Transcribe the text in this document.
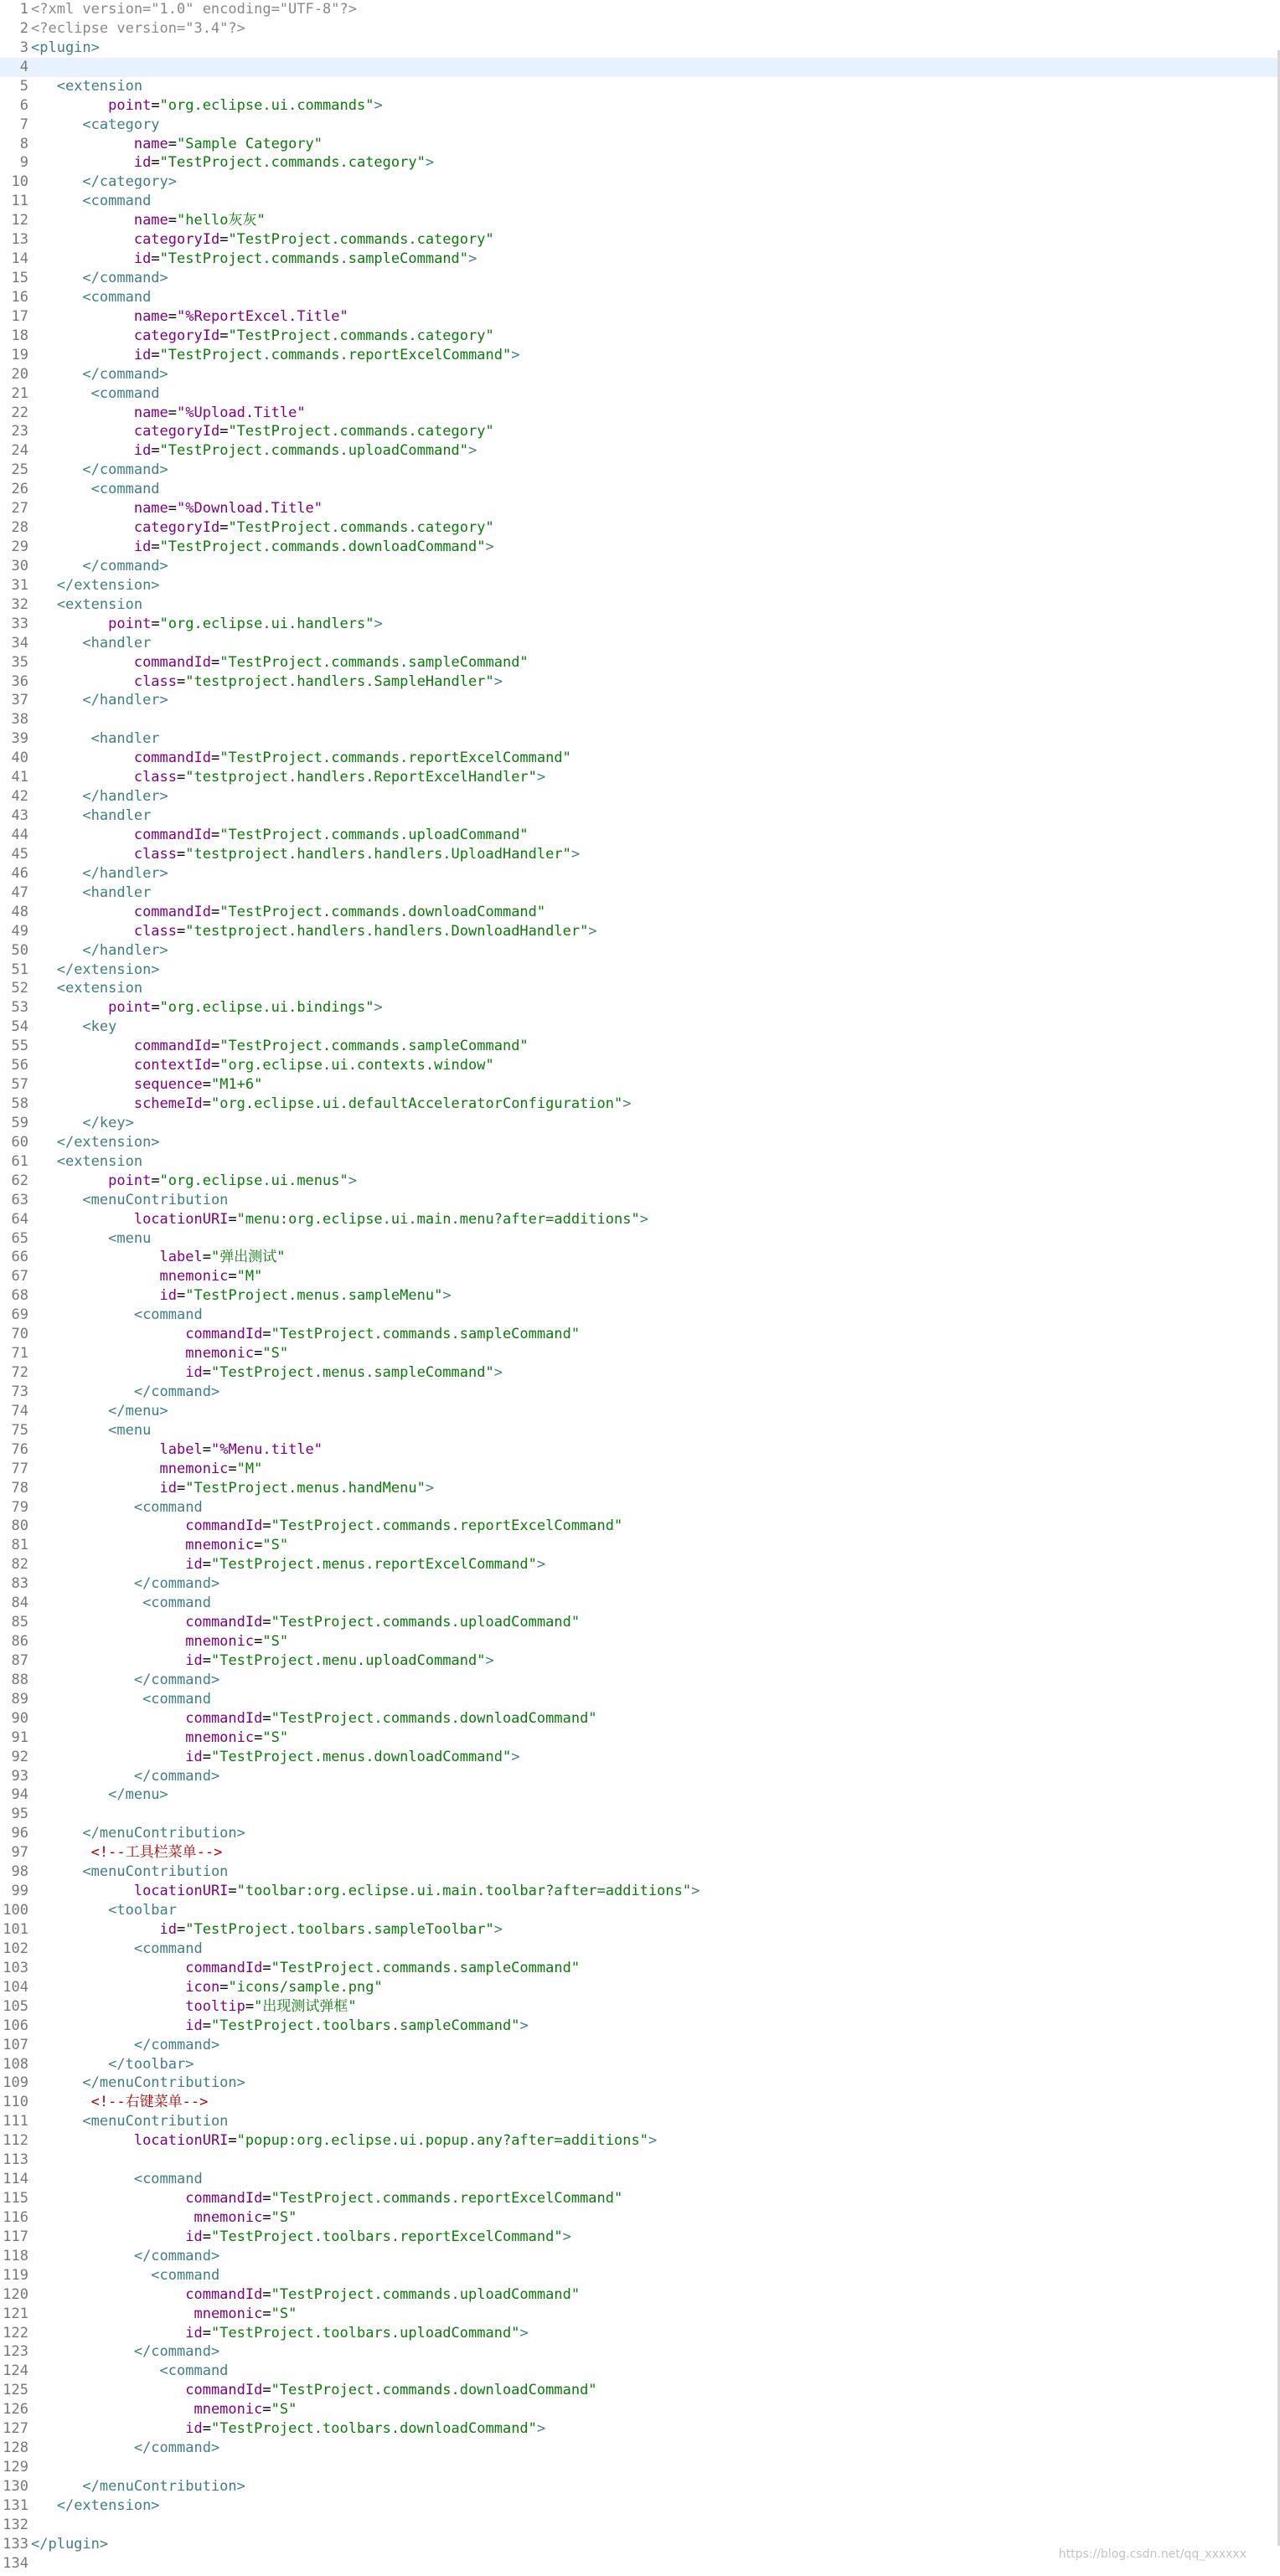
1 <?xml version="1.0" encoding="UTF-8"?>
2 <?eclipse version="3.4"?>
3 <plugin>
4
5	<extension
6	point="org.eclipse.ui.commands">
7	<category
8	name="Sample Category"
9	id="TestProject.commands.category">
10	</category>
11	<command
12	name="hello灰灰"
13	categoryId="TestProject.commands.category"
14	id="TestProject.commands.sampleCommand">
15	</command>
16	<command
17	name="%ReportExcel.Title"
18	categoryId="TestProject.commands.category"
19	id="TestProject.commands.reportExcelCommand">
20	</command>
21	<command
22	name="%Upload.Title"
23	categoryId="TestProject.commands.category"
24	id="TestProject.commands.uploadCommand">
25	</command>
26	<command
27	name="%Download.Title"
28	categoryId="TestProject.commands.category"
29	id="TestProject.commands.downloadCommand">
30	</command>
31	</extension>
32	<extension
33	point="org.eclipse.ui.handlers">
34	<handler
35	commandId="TestProject.commands.sampleCommand"
36	class="testproject.handlers.SampleHandler">
37	</handler>
38
39	<handler
40	commandId="TestProject.commands.reportExcelCommand"
41	class="testproject.handlers.ReportExcelHandler">
42	</handler>
43	<handler
44	commandId="TestProject.commands.uploadCommand"
45	class="testproject.handlers.handlers.UploadHandler">
46	</handler>
47	<handler
48	commandId="TestProject.commands.downloadCommand"
49	class="testproject.handlers.handlers.DownloadHandler">
50	</handler>
51	</extension>
52	<extension
53	point="org.eclipse.ui.bindings">
54	<key
55	commandId="TestProject.commands.sampleCommand"
56	contextId="org.eclipse.ui.contexts.window"
57	sequence="M1+6"
58	schemeId="org.eclipse.ui.defaultAcceleratorConfiguration">
59	</key>
60	</extension>
61	<extension
62	point="org.eclipse.ui.menus">
63	<menuContribution
64	locationURI="menu:org.eclipse.ui.main.menu?after=additions">
65	<menu
66	label="弹出测试"
67	mnemonic="M"
68	id="TestProject.menus.sampleMenu">
69	<command
70	commandId="TestProject.commands.sampleCommand"
71	mnemonic="S"
72	id="TestProject.menus.sampleCommand">
73	</command>
74	</menu>
75	<menu
76	label="%Menu.title"
77	mnemonic="M"
78	id="TestProject.menus.handMenu">
79	<command
80	commandId="TestProject.commands.reportExcelCommand"
81	mnemonic="S"
82	id="TestProject.menus.reportExcelCommand">
83	</command>
84	<command
85	commandId="TestProject.commands.uploadCommand"
86	mnemonic="S"
87	id="TestProject.menu.uploadCommand">
88	</command>
89	<command
90	commandId="TestProject.commands.downloadCommand"
91	mnemonic="S"
92	id="TestProject.menus.downloadCommand">
93	</command>
94	</menu>
95
96	</menuContribution>
97	<!--工具栏菜单-->
98	<menuContribution
99	locationURI="toolbar:org.eclipse.ui.main.toolbar?after=additions">
100	<toolbar
101	id="TestProject.toolbars.sampleToolbar">
102	<command
103	commandId="TestProject.commands.sampleCommand"
104	icon="icons/sample.png"
105	tooltip="出现测试弹框"
106	id="TestProject.toolbars.sampleCommand">
107	</command>
108	</toolbar>
109	</menuContribution>
110	<!--右键菜单-->
111	<menuContribution
112	locationURI="popup:org.eclipse.ui.popup.any?after=additions">
113
114	<command
115	commandId="TestProject.commands.reportExcelCommand"
116	mnemonic="S"
117	id="TestProject.toolbars.reportExcelCommand">
118	</command>
119	<command
120	commandId="TestProject.commands.uploadCommand"
121	mnemonic="S"
122	id="TestProject.toolbars.uploadCommand">
123	</command>
124	<command
125	commandId="TestProject.commands.downloadCommand"
126	mnemonic="S"
127	id="TestProject.toolbars.downloadCommand">
128	</command>
129
130	</menuContribution>
131	</extension>
132
133 </plugin>
134
https://blog.csdn.net/qq_xxxxxx
